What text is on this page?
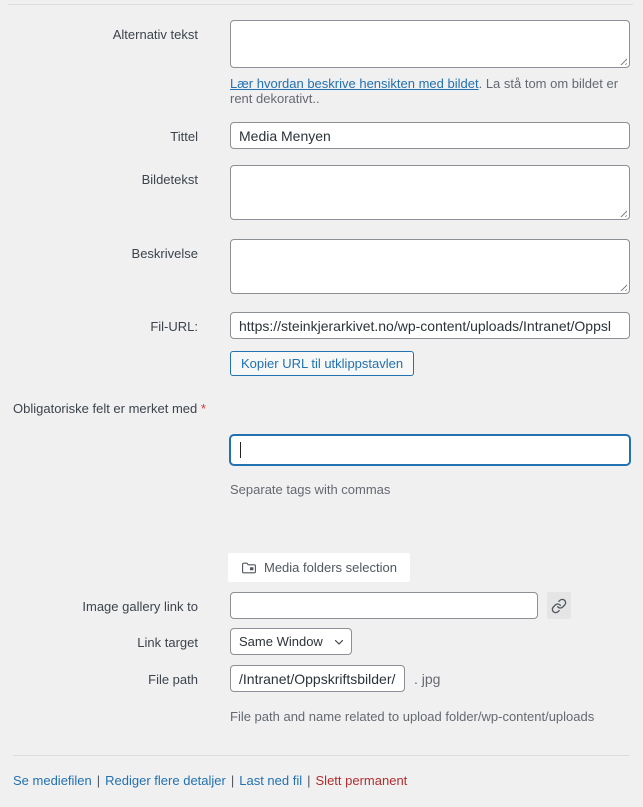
Alternativ tekst

Lær hvordan beskrive hensikten med bildet. La stå tom om bildet er rent dekorativt..

Tittel
Media Menyen
Bildetekst
Beskrivelse
Fil-URL:
https://steinkjerarkivet.no/wp-content/uploads/Intranet/Oppsl
Kopier URL til utklippstavlen

Obligatoriske felt er merket med *

Separate tags with commas
Media folders selection
Image gallery link to
Link target
Same Window
File path
/Intranet/Oppskriftsbilder/	. jpg
File path and name related to upload folder/wp-content/uploads

Se mediefilen | Rediger flere detaljer | Last ned fil | Slett permanent
